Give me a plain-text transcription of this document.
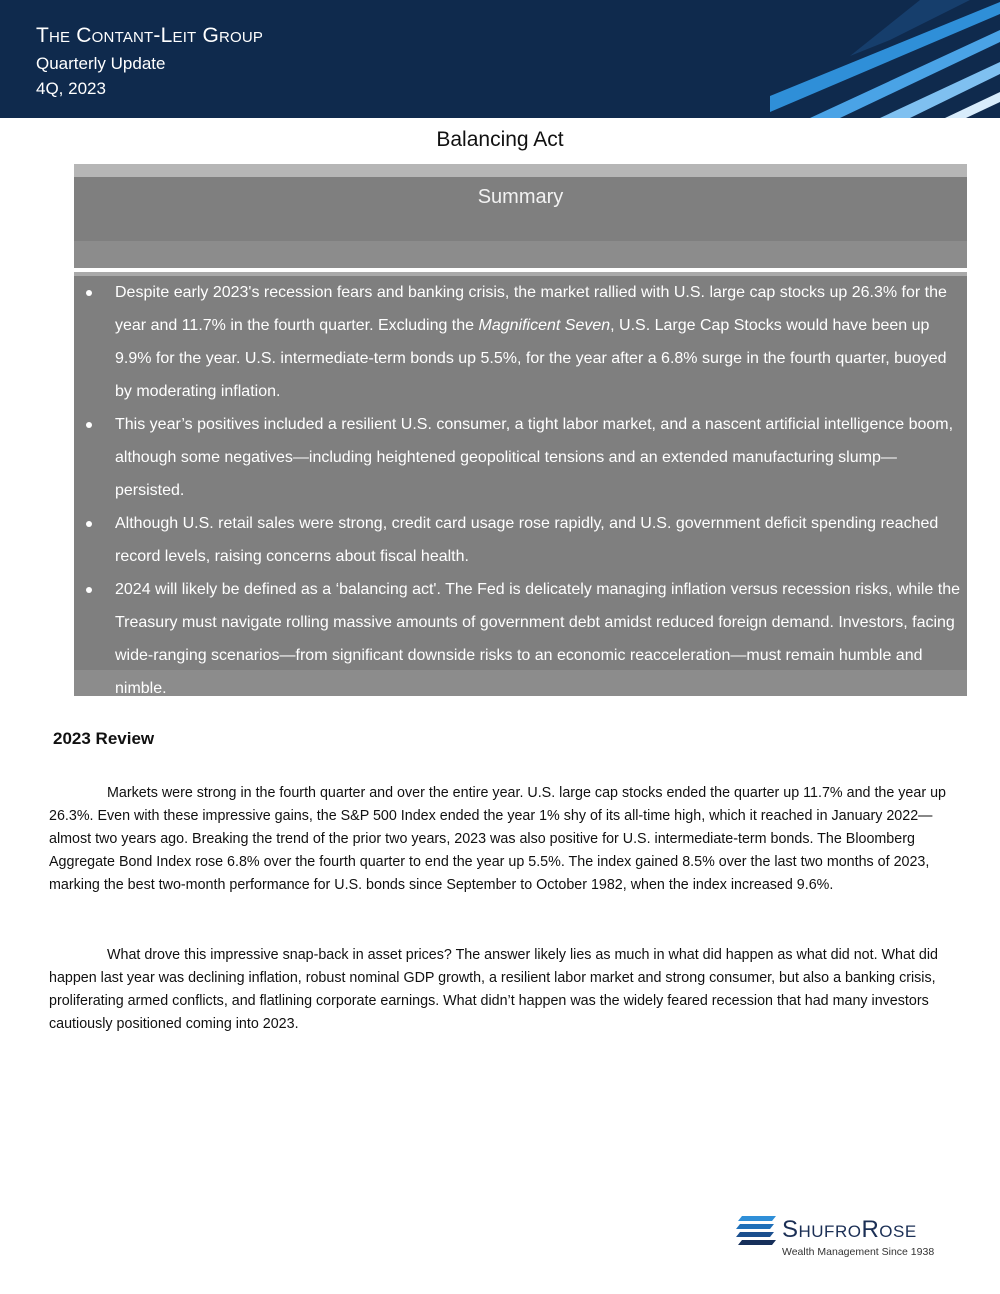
The Contant-Leit Group
Quarterly Update
4Q, 2023
Balancing Act
Summary
Despite early 2023's recession fears and banking crisis, the market rallied with U.S. large cap stocks up 26.3% for the year and 11.7% in the fourth quarter. Excluding the Magnificent Seven, U.S. Large Cap Stocks would have been up 9.9% for the year. U.S. intermediate-term bonds up 5.5%, for the year after a 6.8% surge in the fourth quarter, buoyed by moderating inflation.
This year’s positives included a resilient U.S. consumer, a tight labor market, and a nascent artificial intelligence boom, although some negatives—including heightened geopolitical tensions and an extended manufacturing slump—persisted.
Although U.S. retail sales were strong, credit card usage rose rapidly, and U.S. government deficit spending reached record levels, raising concerns about fiscal health.
2024 will likely be defined as a ‘balancing act'. The Fed is delicately managing inflation versus recession risks, while the Treasury must navigate rolling massive amounts of government debt amidst reduced foreign demand. Investors, facing wide-ranging scenarios—from significant downside risks to an economic reacceleration—must remain humble and nimble.
2023 Review

Markets were strong in the fourth quarter and over the entire year. U.S. large cap stocks ended the quarter up 11.7% and the year up 26.3%. Even with these impressive gains, the S&P 500 Index ended the year 1% shy of its all-time high, which it reached in January 2022—almost two years ago. Breaking the trend of the prior two years, 2023 was also positive for U.S. intermediate-term bonds. The Bloomberg Aggregate Bond Index rose 6.8% over the fourth quarter to end the year up 5.5%. The index gained 8.5% over the last two months of 2023, marking the best two-month performance for U.S. bonds since September to October 1982, when the index increased 9.6%.

What drove this impressive snap-back in asset prices? The answer likely lies as much in what did happen as what did not. What did happen last year was declining inflation, robust nominal GDP growth, a resilient labor market and strong consumer, but also a banking crisis, proliferating armed conflicts, and flatlining corporate earnings. What didn’t happen was the widely feared recession that had many investors cautiously positioned coming into 2023.

ShufroRose
Wealth Management Since 1938
